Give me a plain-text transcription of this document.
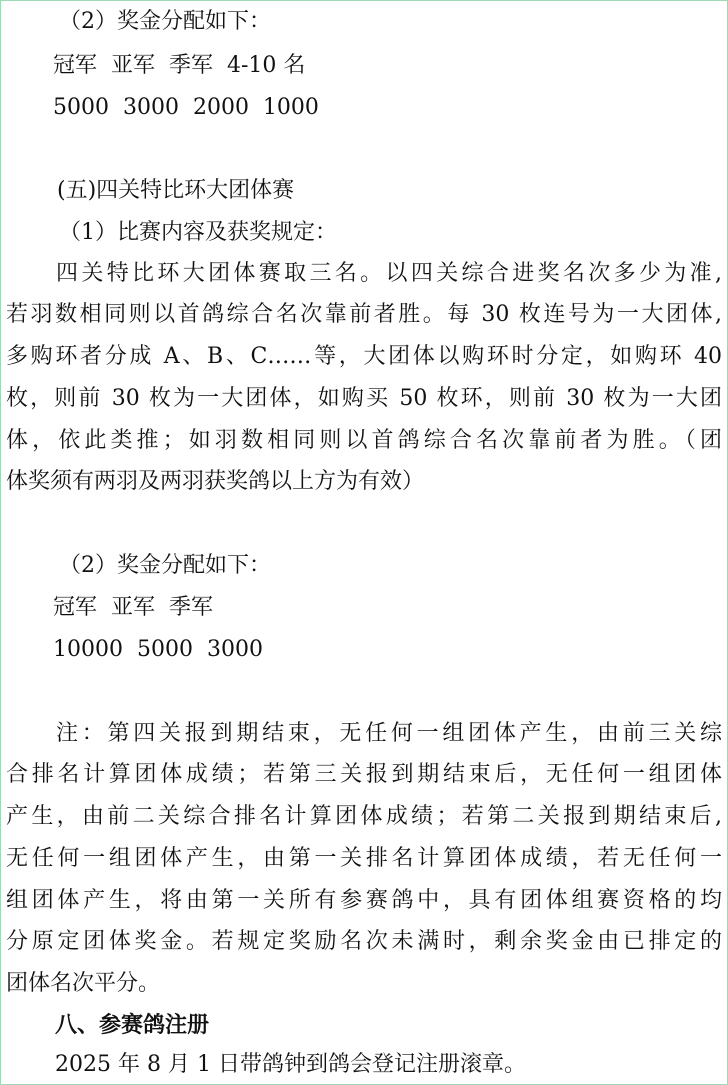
（2）奖金分配如下：
冠军  亚军  季军  4-10 名
5000  3000  2000  1000
(五)四关特比环大团体赛
（1）比赛内容及获奖规定：
四关特比环大团体赛取三名。以四关综合进奖名次多少为准,
若羽数相同则以首鸽综合名次靠前者胜。每 30 枚连号为一大团体,
多购环者分成 A、B、C……等，大团体以购环时分定，如购环 40
枚，则前 30 枚为一大团体，如购买 50 枚环，则前 30 枚为一大团
体，依此类推；如羽数相同则以首鸽综合名次靠前者为胜。（团
体奖须有两羽及两羽获奖鸽以上方为有效）
（2）奖金分配如下：
冠军  亚军  季军
10000  5000  3000
注：第四关报到期结束，无任何一组团体产生，由前三关综
合排名计算团体成绩；若第三关报到期结束后，无任何一组团体
产生，由前二关综合排名计算团体成绩；若第二关报到期结束后,
无任何一组团体产生，由第一关排名计算团体成绩，若无任何一
组团体产生，将由第一关所有参赛鸽中，具有团体组赛资格的均
分原定团体奖金。若规定奖励名次未满时，剩余奖金由已排定的
团体名次平分。
八、参赛鸽注册
2025 年 8 月 1 日带鸽钟到鸽会登记注册滚章。
